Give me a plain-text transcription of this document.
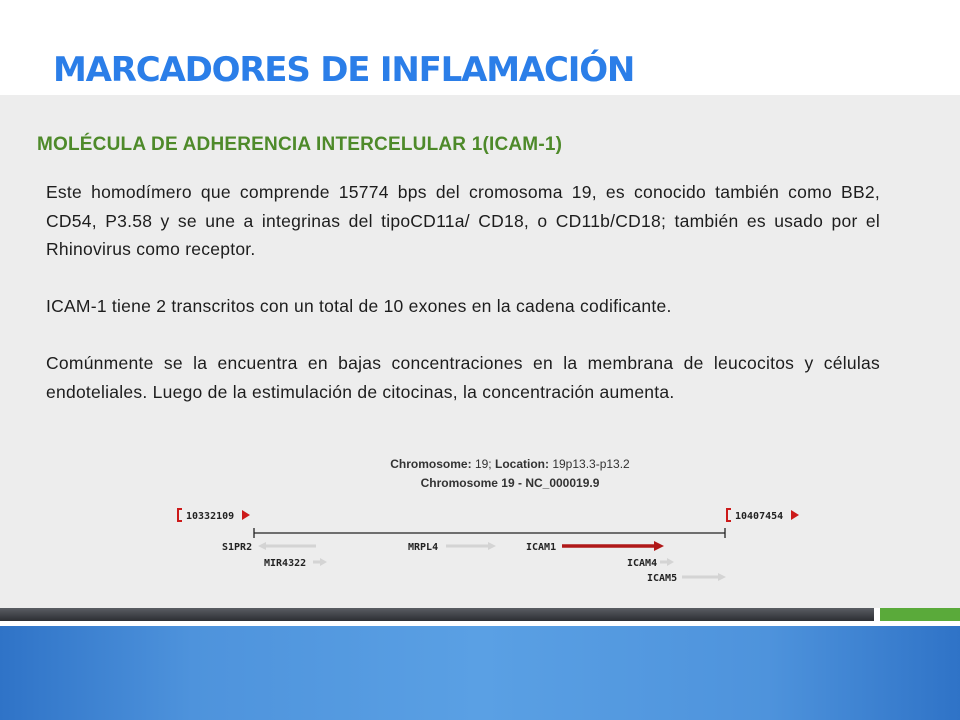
MARCADORES DE INFLAMACIÓN
MOLÉCULA DE ADHERENCIA INTERCELULAR 1(ICAM-1)

Este homodímero que comprende 15774 bps del cromosoma 19, es conocido también como BB2, CD54, P3.58 y se une a integrinas del tipoCD11a/ CD18, o CD11b/CD18; también es usado por el Rhinovirus como receptor.

ICAM-1 tiene 2 transcritos con un total de 10 exones en la cadena codificante.

Comúnmente se la encuentra en bajas concentraciones en la membrana de leucocitos y células endoteliales. Luego de la estimulación de citocinas, la concentración aumenta.

Chromosome: 19; Location: 19p13.3-p13.2
Chromosome 19 - NC_000019.9
10332109	10407454
S1PR2
MIR4322
MRPL4	ICAM1
ICAM4
ICAM5
